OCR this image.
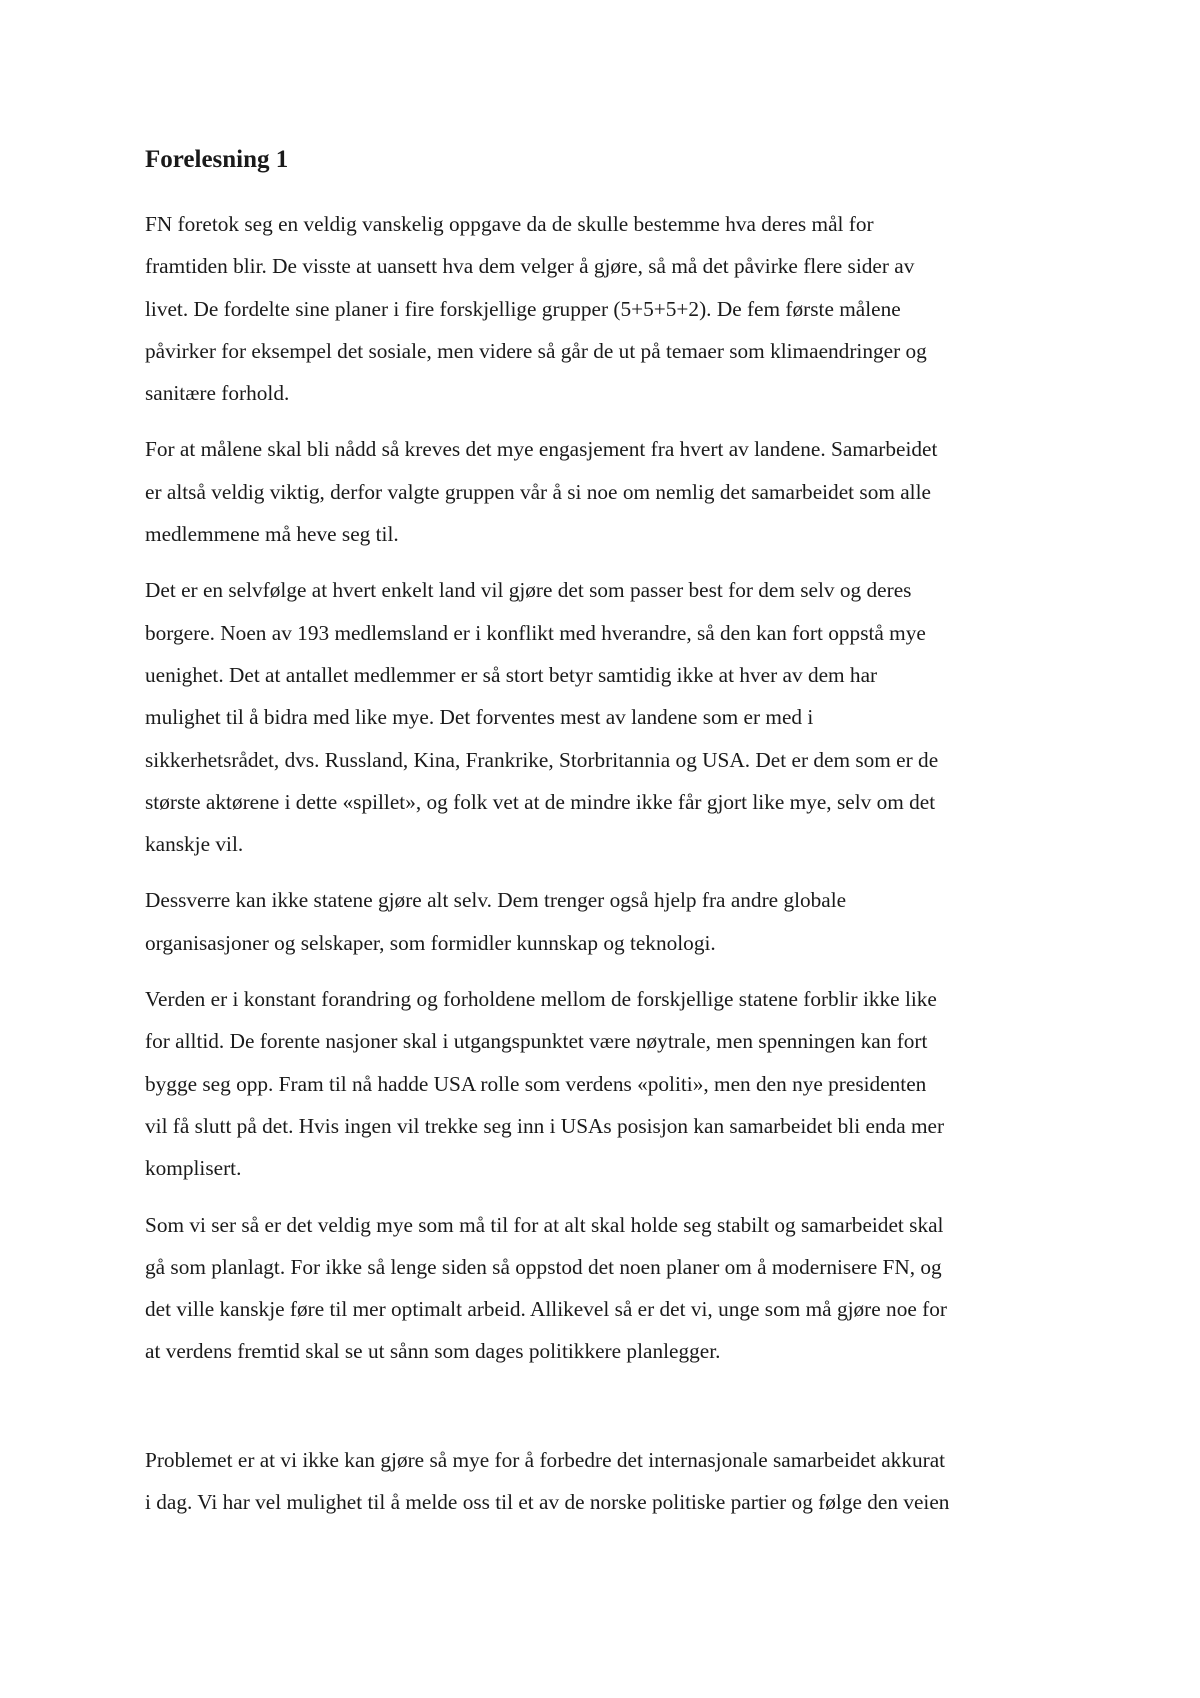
Forelesning 1

FN foretok seg en veldig vanskelig oppgave da de skulle bestemme hva deres mål for
framtiden blir. De visste at uansett hva dem velger å gjøre, så må det påvirke flere sider av
livet. De fordelte sine planer i fire forskjellige grupper (5+5+5+2). De fem første målene
påvirker for eksempel det sosiale, men videre så går de ut på temaer som klimaendringer og
sanitære forhold.

For at målene skal bli nådd så kreves det mye engasjement fra hvert av landene. Samarbeidet
er altså veldig viktig, derfor valgte gruppen vår å si noe om nemlig det samarbeidet som alle
medlemmene må heve seg til.

Det er en selvfølge at hvert enkelt land vil gjøre det som passer best for dem selv og deres
borgere. Noen av 193 medlemsland er i konflikt med hverandre, så den kan fort oppstå mye
uenighet. Det at antallet medlemmer er så stort betyr samtidig ikke at hver av dem har
mulighet til å bidra med like mye. Det forventes mest av landene som er med i
sikkerhetsrådet, dvs. Russland, Kina, Frankrike, Storbritannia og USA. Det er dem som er de
største aktørene i dette «spillet», og folk vet at de mindre ikke får gjort like mye, selv om det
kanskje vil.

Dessverre kan ikke statene gjøre alt selv. Dem trenger også hjelp fra andre globale
organisasjoner og selskaper, som formidler kunnskap og teknologi.

Verden er i konstant forandring og forholdene mellom de forskjellige statene forblir ikke like
for alltid. De forente nasjoner skal i utgangspunktet være nøytrale, men spenningen kan fort
bygge seg opp. Fram til nå hadde USA rolle som verdens «politi», men den nye presidenten
vil få slutt på det. Hvis ingen vil trekke seg inn i USAs posisjon kan samarbeidet bli enda mer
komplisert.

Som vi ser så er det veldig mye som må til for at alt skal holde seg stabilt og samarbeidet skal
gå som planlagt. For ikke så lenge siden så oppstod det noen planer om å modernisere FN, og
det ville kanskje føre til mer optimalt arbeid. Allikevel så er det vi, unge som må gjøre noe for
at verdens fremtid skal se ut sånn som dages politikkere planlegger.

Problemet er at vi ikke kan gjøre så mye for å forbedre det internasjonale samarbeidet akkurat
i dag. Vi har vel mulighet til å melde oss til et av de norske politiske partier og følge den veien
